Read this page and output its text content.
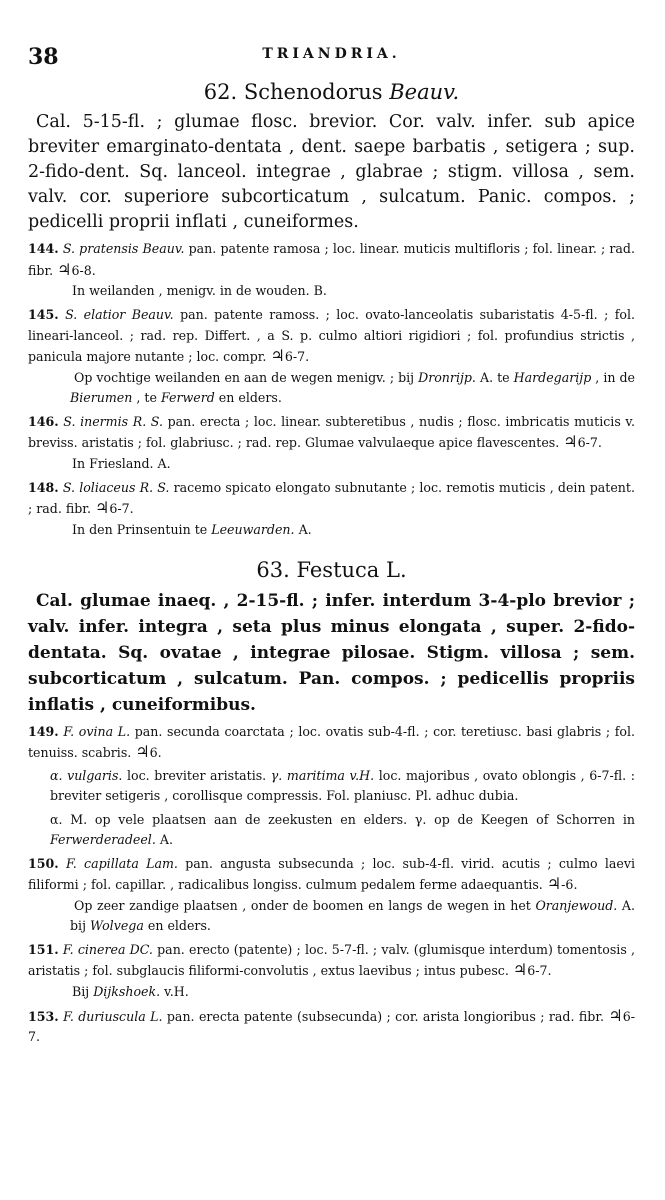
38	TRIANDRIA.
62. Schenodorus Beauv.

Cal. 5-15-fl. ; glumae flosc. brevior. Cor. valv. infer. sub apice breviter emarginato-dentata , dent. saepe barbatis , setigera ; sup. 2-fido-dent. Sq. lanceol. integrae , glabrae ; stigm. villosa , sem. valv. cor. superiore subcorticatum , sulcatum. Panic. compos. ; pedicelli proprii inflati , cuneiformes.

144. S. pratensis Beauv. pan. patente ramosa ; loc. linear. muticis multifloris ; fol. linear. ; rad. fibr. ♃6-8.

In weilanden , menigv. in de wouden. B.

145. S. elatior Beauv. pan. patente ramoss. ; loc. ovato-lanceolatis subaristatis 4-5-fl. ; fol. lineari-lanceol. ; rad. rep. Differt. , a S. p. culmo altiori rigidiori ; fol. profundius strictis , panicula majore nutante ; loc. compr. ♃6-7.

Op vochtige weilanden en aan de wegen menigv. ; bij Dronrijp. A. te Hardegarijp , in de Bierumen , te Ferwerd en elders.

146. S. inermis R. S. pan. erecta ; loc. linear. subteretibus , nudis ; flosc. imbricatis muticis v. breviss. aristatis ; fol. glabriusc. ; rad. rep. Glumae valvulaeque apice flavescentes. ♃6-7.

In Friesland. A.

148. S. loliaceus R. S. racemo spicato elongato subnutante ; loc. remotis muticis , dein patent. ; rad. fibr. ♃6-7.

In den Prinsentuin te Leeuwarden. A.

63. Festuca L.

Cal. glumae inaeq. , 2-15-fl. ; infer. interdum 3-4-plo brevior ; valv. infer. integra , seta plus minus elongata , super. 2-fido-dentata. Sq. ovatae , integrae pilosae. Stigm. villosa ; sem. subcorticatum , sulcatum. Pan. compos. ; pedicellis propriis inflatis , cuneiformibus.

149. F. ovina L. pan. secunda coarctata ; loc. ovatis sub-4-fl. ; cor. teretiusc. basi glabris ; fol. tenuiss. scabris. ♃6.

α. vulgaris. loc. breviter aristatis. γ. maritima v.H. loc. majoribus , ovato oblongis , 6-7-fl. : breviter setigeris , corollisque compressis. Fol. planiusc. Pl. adhuc dubia.

α. M. op vele plaatsen aan de zeekusten en elders. γ. op de Keegen of Schorren in Ferwerderadeel. A.

150. F. capillata Lam. pan. angusta subsecunda ; loc. sub-4-fl. virid. acutis ; culmo laevi filiformi ; fol. capillar. , radicalibus longiss. culmum pedalem ferme adaequantis. ♃-6.

Op zeer zandige plaatsen , onder de boomen en langs de wegen in het Oranjewoud. A. bij Wolvega en elders.

151. F. cinerea DC. pan. erecto (patente) ; loc. 5-7-fl. ; valv. (glumisque interdum) tomentosis , aristatis ; fol. subglaucis filiformi-convolutis , extus laevibus ; intus pubesc. ♃6-7.

Bij Dijkshoek. v.H.

153. F. duriuscula L. pan. erecta patente (subsecunda) ; cor. arista longioribus ; rad. fibr. ♃6-7.
